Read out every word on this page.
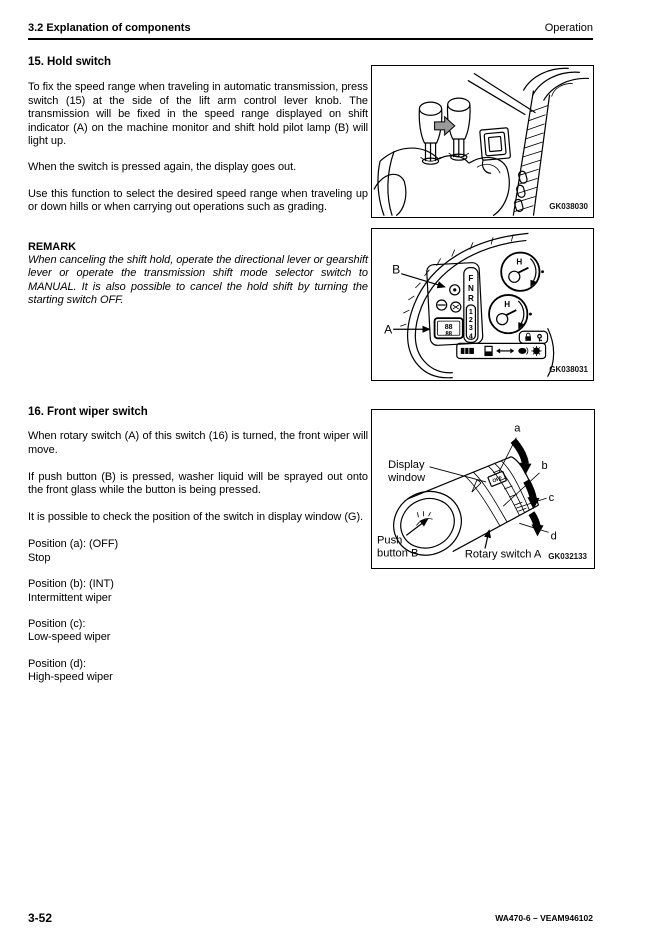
3.2 Explanation of components	Operation
15. Hold switch

To fix the speed range when traveling in automatic transmission, press switch (15) at the side of the lift arm control lever knob. The transmission will be fixed in the speed range displayed on shift indicator (A) on the machine monitor and shift hold pilot lamp (B) will light up.

When the switch is pressed again, the display goes out.

Use this function to select the desired speed range when traveling up or down hills or when carrying out operations such as grading.

REMARK

When canceling the shift hold, operate the directional lever or gearshift lever or operate the transmission shift mode selector switch to MANUAL. It is also possible to cancel the hold shift by turning the starting switch OFF.

16. Front wiper switch

When rotary switch (A) of this switch (16) is turned, the front wiper will move.

If push button (B) is pressed, washer liquid will be sprayed out onto the front glass while the button is being pressed.

It is possible to check the position of the switch in display window (G).

Position (a): (OFF)
Stop
Position (b): (INT)
Intermittent wiper
Position (c):
Low-speed wiper
Position (d):
High-speed wiper
GK038030
88
88
F
N
R
1
2
3
4
H
H
B
A
GK038031
OFF
a
b
c
d
Display
window
Push
button B	Rotary switch A GK032133
3-52	WA470-6 – VEAM946102
